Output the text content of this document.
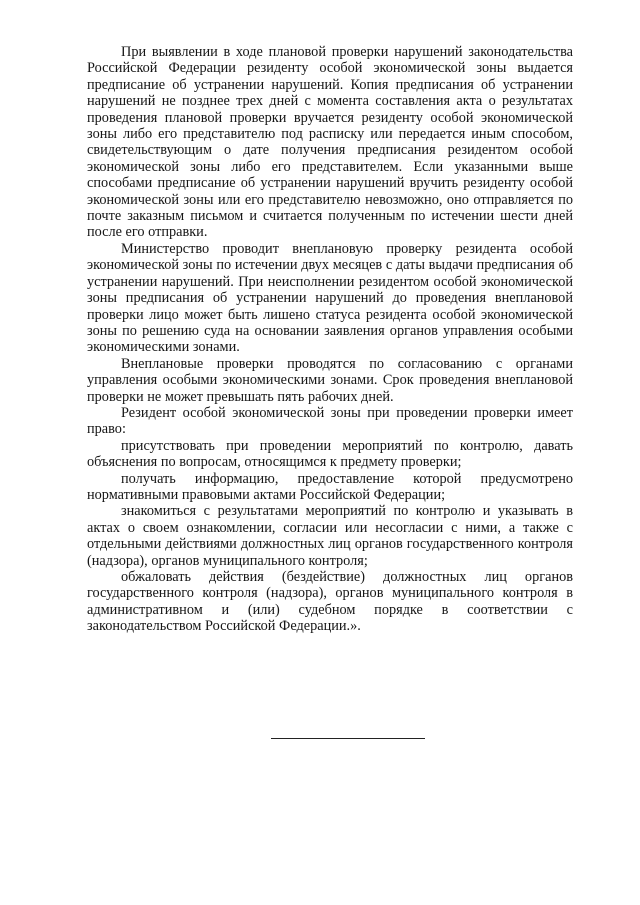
При выявлении в ходе плановой проверки нарушений законодательства Российской Федерации резиденту особой экономической зоны выдается предписание об устранении нарушений. Копия предписания об устранении нарушений не позднее трех дней с момента составления акта о результатах проведения плановой проверки вручается резиденту особой экономической зоны либо его представителю под расписку или передается иным способом, свидетельствующим о дате получения предписания резидентом особой экономической зоны либо его представителем. Если указанными выше способами предписание об устранении нарушений вручить резиденту особой экономической зоны или его представителю невозможно, оно отправляется по почте заказным письмом и считается полученным по истечении шести дней после его отправки.

Министерство проводит внеплановую проверку резидента особой экономической зоны по истечении двух месяцев с даты выдачи предписания об устранении нарушений. При неисполнении резидентом особой экономической зоны предписания об устранении нарушений до проведения внеплановой проверки лицо может быть лишено статуса резидента особой экономической зоны по решению суда на основании заявления органов управления особыми экономическими зонами.

Внеплановые проверки проводятся по согласованию с органами управления особыми экономическими зонами. Срок проведения внеплановой проверки не может превышать пять рабочих дней.

Резидент особой экономической зоны при проведении проверки имеет право:

присутствовать при проведении мероприятий по контролю, давать объяснения по вопросам, относящимся к предмету проверки;

получать информацию, предоставление которой предусмотрено нормативными правовыми актами Российской Федерации;

знакомиться с результатами мероприятий по контролю и указывать в актах о своем ознакомлении, согласии или несогласии с ними, а также с отдельными действиями должностных лиц органов государственного контроля (надзора), органов муниципального контроля;

обжаловать действия (бездействие) должностных лиц органов государственного контроля (надзора), органов муниципального контроля в административном и (или) судебном порядке в соответствии с законодательством Российской Федерации.».
